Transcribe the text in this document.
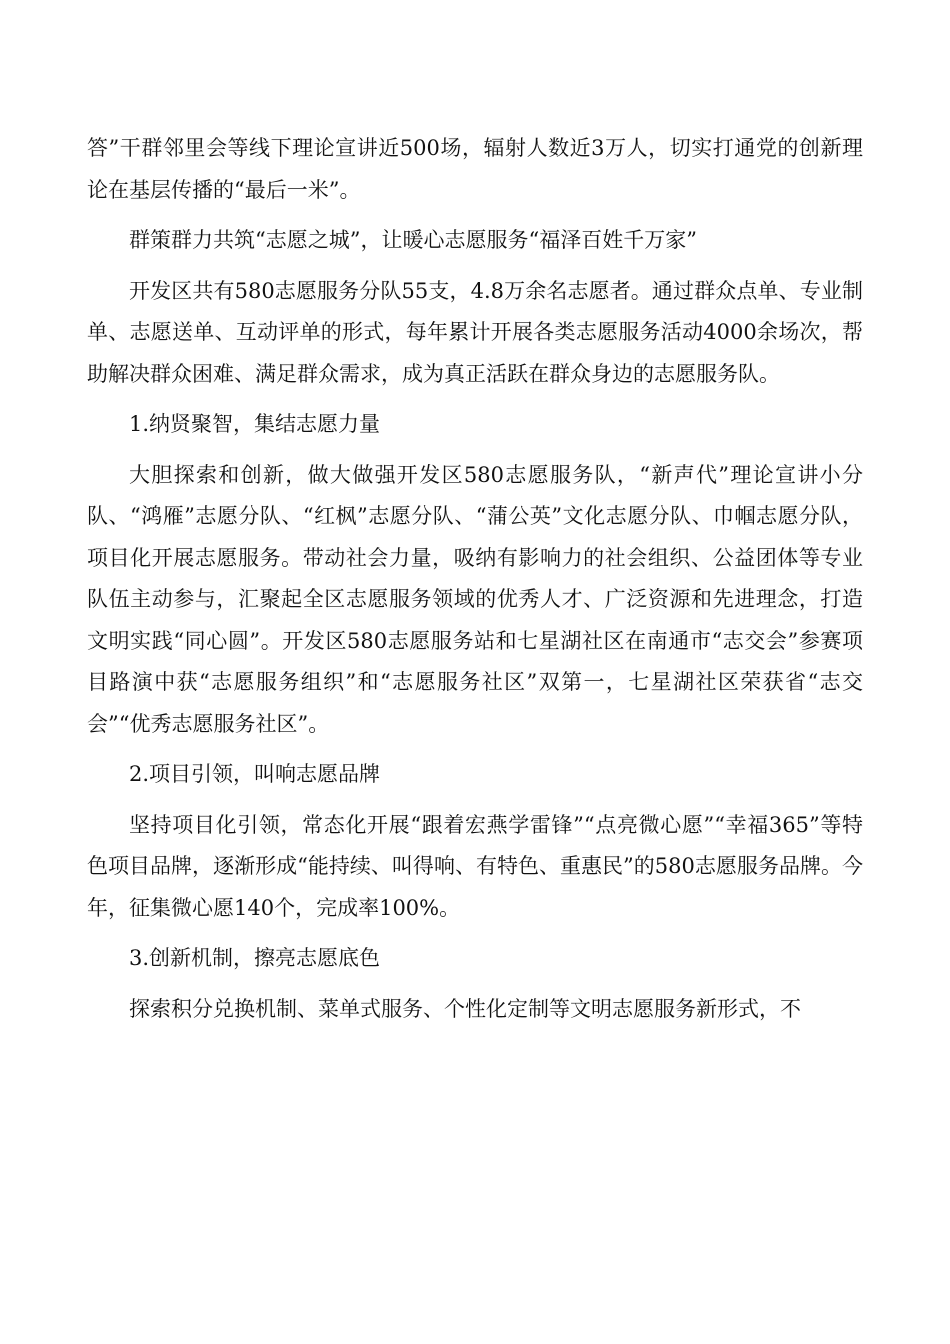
答”干群邻里会等线下理论宣讲近500场，辐射人数近3万人，切实打通党的创新理论在基层传播的“最后一米”。

群策群力共筑“志愿之城”，让暖心志愿服务“福泽百姓千万家”

开发区共有580志愿服务分队55支，4.8万余名志愿者。通过群众点单、专业制单、志愿送单、互动评单的形式，每年累计开展各类志愿服务活动4000余场次，帮助解决群众困难、满足群众需求，成为真正活跃在群众身边的志愿服务队。

1.纳贤聚智，集结志愿力量

大胆探索和创新，做大做强开发区580志愿服务队，“新声代”理论宣讲小分队、“鸿雁”志愿分队、“红枫”志愿分队、“蒲公英”文化志愿分队、巾帼志愿分队，项目化开展志愿服务。带动社会力量，吸纳有影响力的社会组织、公益团体等专业队伍主动参与，汇聚起全区志愿服务领域的优秀人才、广泛资源和先进理念，打造文明实践“同心圆”。开发区580志愿服务站和七星湖社区在南通市“志交会”参赛项目路演中获“志愿服务组织”和“志愿服务社区”双第一，七星湖社区荣获省“志交会”“优秀志愿服务社区”。

2.项目引领，叫响志愿品牌

坚持项目化引领，常态化开展“跟着宏燕学雷锋”“点亮微心愿”“幸福365”等特色项目品牌，逐渐形成“能持续、叫得响、有特色、重惠民”的580志愿服务品牌。今年，征集微心愿140个，完成率100%。

3.创新机制，擦亮志愿底色

探索积分兑换机制、菜单式服务、个性化定制等文明志愿服务新形式，不
